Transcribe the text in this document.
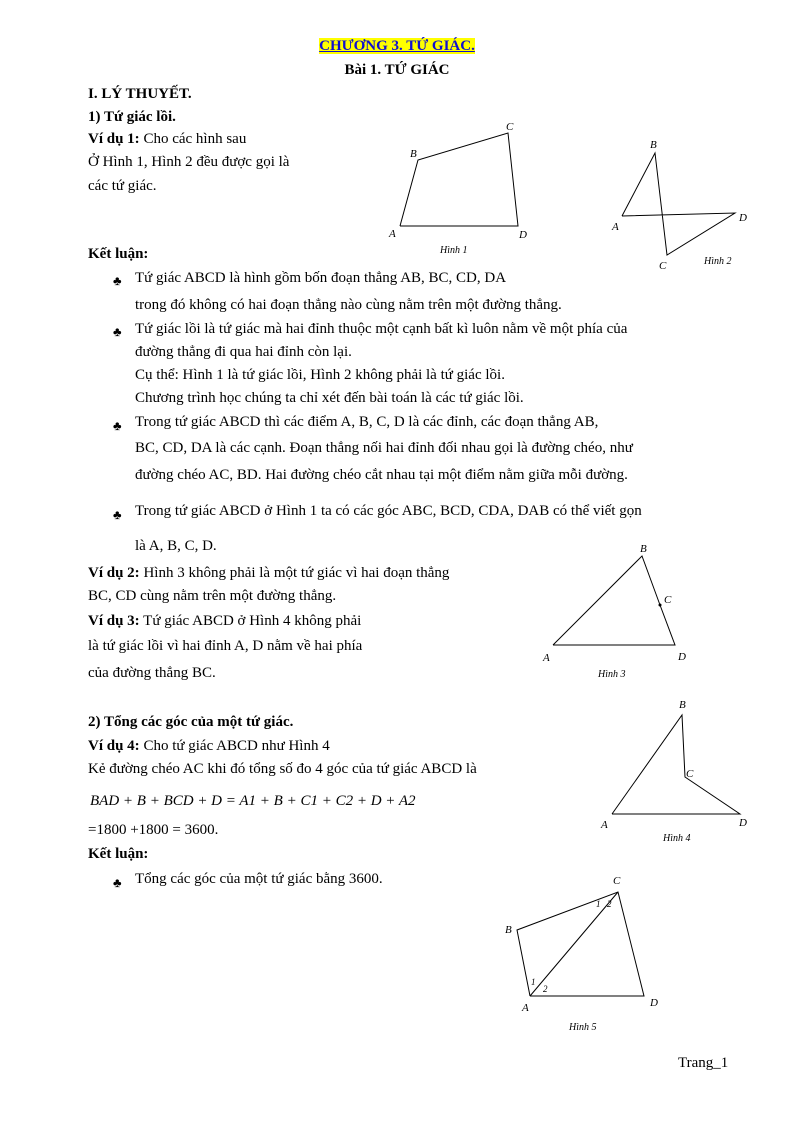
CHƯƠNG 3. TỨ GIÁC.
Bài 1. TỨ GIÁC
I. LÝ THUYẾT.
1) Tứ giác lồi.
Ví dụ 1: Cho các hình sau
Ở Hình 1, Hình 2 đều được gọi là
các tứ giác.
A
B
C
D
Hình 1
A
B
C
D
Hình 2
Kết luận:
♣ Tứ giác ABCD là hình gồm bốn đoạn thẳng AB, BC, CD, DA
trong đó không có hai đoạn thẳng nào cùng nằm trên một đường thẳng.
♣ Tứ giác lồi là tứ giác mà hai đỉnh thuộc một cạnh bất kì luôn nằm về một phía của
đường thẳng đi qua hai đỉnh còn lại.
Cụ thể: Hình 1 là tứ giác lồi, Hình 2 không phải là tứ giác lồi.
Chương trình học chúng ta chỉ xét đến bài toán là các tứ giác lồi.
♣ Trong tứ giác ABCD thì các điểm A, B, C, D là các đỉnh, các đoạn thẳng AB,
BC, CD, DA là các cạnh. Đoạn thẳng nối hai đỉnh đối nhau gọi là đường chéo, như
đường chéo AC, BD. Hai đường chéo cắt nhau tại một điểm nằm giữa mỗi đường.
♣ Trong tứ giác ABCD ở Hình 1 ta có các góc ABC, BCD, CDA, DAB có thể viết gọn
là A, B, C, D.
Ví dụ 2: Hình 3 không phải là một tứ giác vì hai đoạn thẳng
BC, CD cùng nằm trên một đường thẳng.
Ví dụ 3: Tứ giác ABCD ở Hình 4 không phải
là tứ giác lồi vì hai đỉnh A, D nằm về hai phía
của đường thẳng BC.
A
B
C
D
Hình 3
2) Tổng các góc của một tứ giác.
Ví dụ 4: Cho tứ giác ABCD như Hình 4
Kẻ đường chéo AC khi đó tổng số đo 4 góc của tứ giác ABCD là
BAD + B + BCD + D = A1 + B + C1 + C2 + D + A2
=1800 +1800 = 3600.
Kết luận:
♣ Tổng các góc của một tứ giác bằng 3600.
A
B
C
D
Hình 4
A
B
C
D
1
2
1 2
Hình 5
Trang_1
